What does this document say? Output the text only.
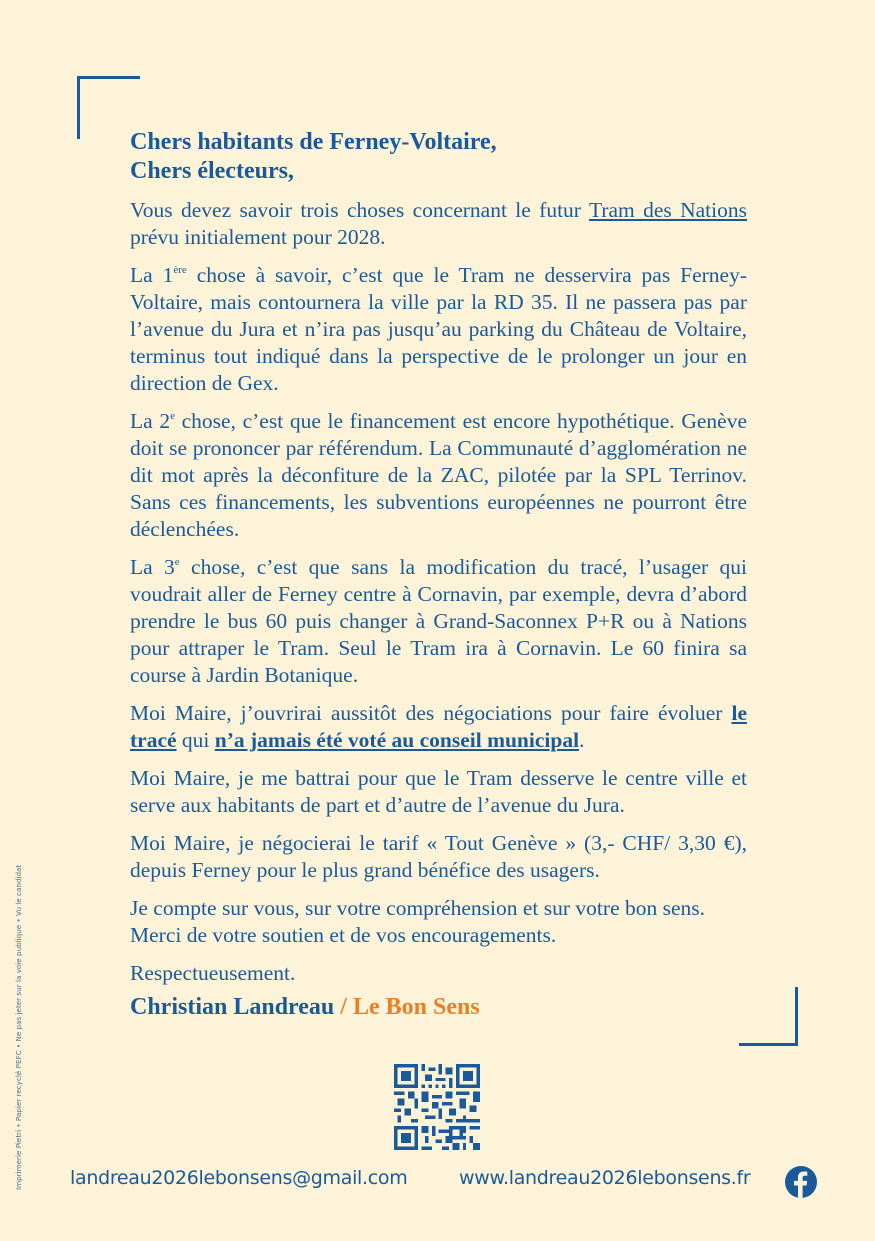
Chers habitants de Ferney-Voltaire,
Chers électeurs,

Vous devez savoir trois choses concernant le futur Tram des Nations prévu initialement pour 2028.

La 1ère chose à savoir, c’est que le Tram ne desservira pas Ferney-Voltaire, mais contournera la ville par la RD 35. Il ne passera pas par l’avenue du Jura et n’ira pas jusqu’au parking du Château de Voltaire, terminus tout indiqué dans la perspective de le prolonger un jour en direction de Gex.

La 2e chose, c’est que le financement est encore hypothétique. Genève doit se prononcer par référendum. La Communauté d’agglomération ne dit mot après la déconfiture de la ZAC, pilotée par la SPL Terrinov. Sans ces financements, les subventions européennes ne pourront être déclenchées.

La 3e chose, c’est que sans la modification du tracé, l’usager qui voudrait aller de Ferney centre à Cornavin, par exemple, devra d’abord prendre le bus 60 puis changer à Grand-Saconnex P+R ou à Nations pour attraper le Tram. Seul le Tram ira à Cornavin. Le 60 finira sa course à Jardin Botanique.

Moi Maire, j’ouvrirai aussitôt des négociations pour faire évoluer le tracé qui n’a jamais été voté au conseil municipal.

Moi Maire, je me battrai pour que le Tram desserve le centre ville et serve aux habitants de part et d’autre de l’avenue du Jura.

Moi Maire, je négocierai le tarif « Tout Genève » (3,- CHF/ 3,30 €), depuis Ferney pour le plus grand bénéfice des usagers.

Je compte sur vous, sur votre compréhension et sur votre bon sens. Merci de votre soutien et de vos encouragements.

Respectueusement.

Christian Landreau / Le Bon Sens
Imprimerie Pietri • Papier recyclé PEFC • Ne pas jeter sur la voie publique • Vu le candidat landreau2026lebonsens@gmail.com	www.landreau2026lebonsens.fr
